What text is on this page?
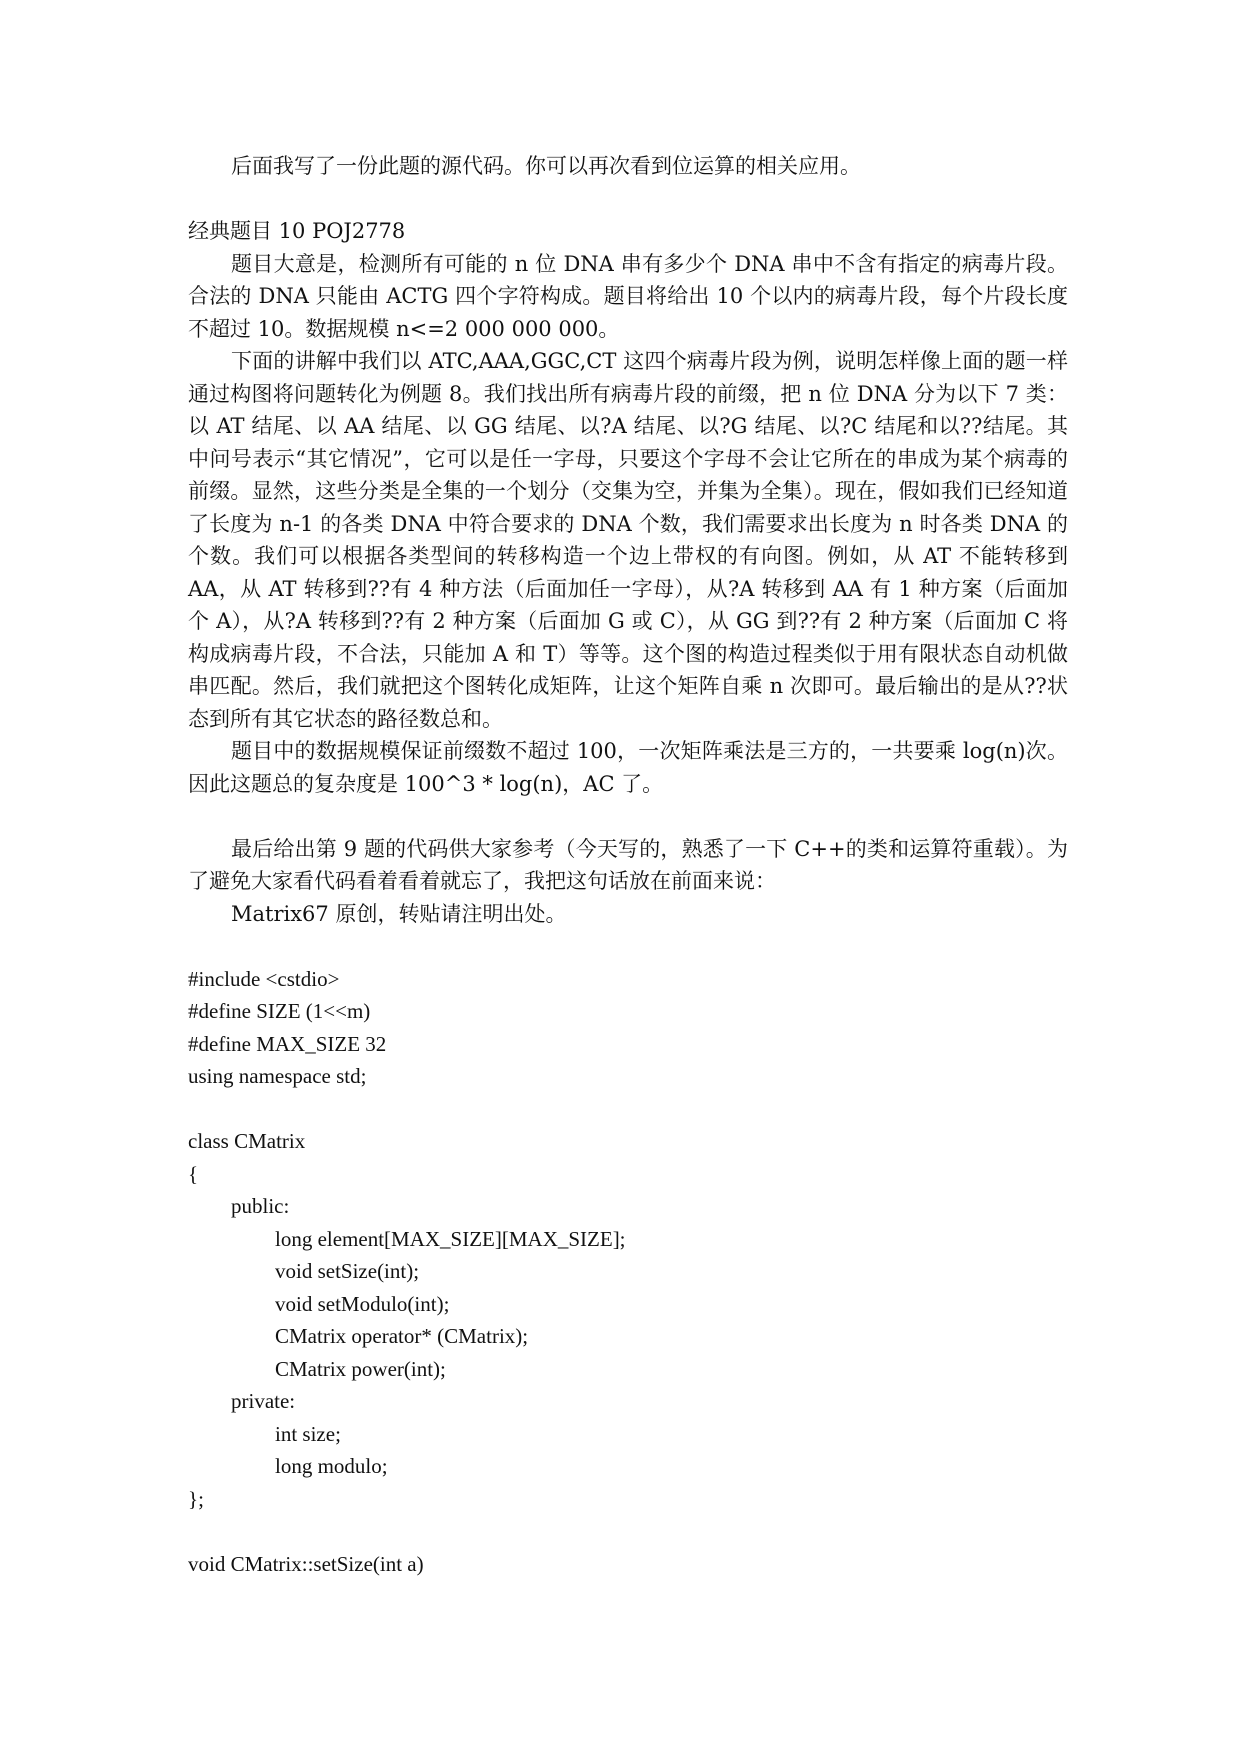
后面我写了一份此题的源代码。你可以再次看到位运算的相关应用。

经典题目 10 POJ2778

题目大意是，检测所有可能的 n 位 DNA 串有多少个 DNA 串中不含有指定的病毒片段。合法的 DNA 只能由 ACTG 四个字符构成。题目将给出 10 个以内的病毒片段，每个片段长度不超过 10。数据规模 n<=2 000 000 000。

下面的讲解中我们以 ATC,AAA,GGC,CT 这四个病毒片段为例，说明怎样像上面的题一样通过构图将问题转化为例题 8。我们找出所有病毒片段的前缀，把 n 位 DNA 分为以下 7 类：以 AT 结尾、以 AA 结尾、以 GG 结尾、以?A 结尾、以?G 结尾、以?C 结尾和以??结尾。其中问号表示“其它情况”，它可以是任一字母，只要这个字母不会让它所在的串成为某个病毒的前缀。显然，这些分类是全集的一个划分（交集为空，并集为全集）。现在，假如我们已经知道了长度为 n-1 的各类 DNA 中符合要求的 DNA 个数，我们需要求出长度为 n 时各类 DNA 的个数。我们可以根据各类型间的转移构造一个边上带权的有向图。例如，从 AT 不能转移到 AA，从 AT 转移到??有 4 种方法（后面加任一字母），从?A 转移到 AA 有 1 种方案（后面加个 A），从?A 转移到??有 2 种方案（后面加 G 或 C），从 GG 到??有 2 种方案（后面加 C 将构成病毒片段，不合法，只能加 A 和 T）等等。这个图的构造过程类似于用有限状态自动机做串匹配。然后，我们就把这个图转化成矩阵，让这个矩阵自乘 n 次即可。最后输出的是从??状态到所有其它状态的路径数总和。

题目中的数据规模保证前缀数不超过 100，一次矩阵乘法是三方的，一共要乘 log(n)次。因此这题总的复杂度是 100^3 * log(n)，AC 了。

最后给出第 9 题的代码供大家参考（今天写的，熟悉了一下 C++的类和运算符重载）。为了避免大家看代码看着看着就忘了，我把这句话放在前面来说：

Matrix67 原创，转贴请注明出处。

#include <cstdio>

#define SIZE (1<<m)

#define MAX_SIZE 32

using namespace std;

class CMatrix

{

public:

long element[MAX_SIZE][MAX_SIZE];

void setSize(int);

void setModulo(int);

CMatrix operator* (CMatrix);

CMatrix power(int);

private:

int size;

long modulo;

};

void CMatrix::setSize(int a)
